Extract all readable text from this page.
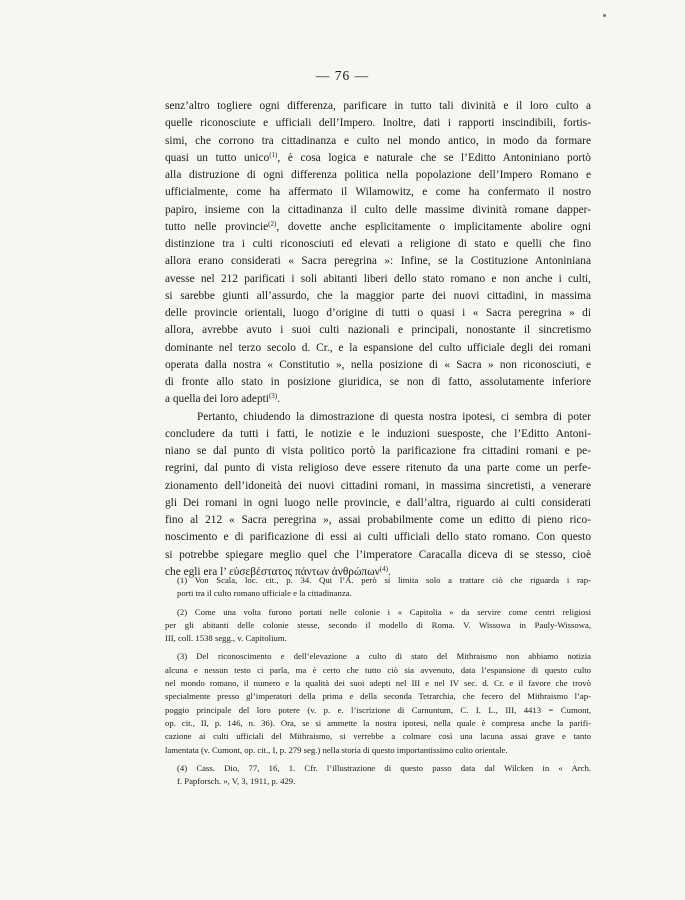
— 76 —
senz’altro togliere ogni differenza, parificare in tutto tali divinità e il loro culto a
quelle riconosciute e ufficiali dell’Impero. Inoltre, dati i rapporti inscindibili, fortis-
simi, che corrono tra cittadinanza e culto nel mondo antico, in modo da formare
quasi un tutto unico$^{(1)}$, è cosa logica e naturale che se l’Editto Antoniniano portò
alla distruzione di ogni differenza politica nella popolazione dell’Impero Romano e
ufficialmente, come ha affermato il Wilamowitz, e come ha confermato il nostro
papiro, insieme con la cittadinanza il culto delle massime divinità romane dapper-
tutto nelle provincie$^{(2)}$, dovette anche esplicitamente o implicitamente abolire ogni
distinzione tra i culti riconosciuti ed elevati a religione di stato e quelli che fino
allora erano considerati « Sacra peregrina »: Infine, se la Costituzione Antoniniana
avesse nel 212 parificati i soli abitanti liberi dello stato romano e non anche i culti,
si sarebbe giunti all’assurdo, che la maggior parte dei nuovi cittadini, in massima
delle provincie orientali, luogo d’origine di tutti o quasi i « Sacra peregrina » di
allora, avrebbe avuto i suoi culti nazionali e principali, nonostante il sincretismo
dominante nel terzo secolo d. Cr., e la espansione del culto ufficiale degli dei romani
operata dalla nostra « Constitutio », nella posizione di « Sacra » non riconosciuti, e
di fronte allo stato in posizione giuridica, se non di fatto, assolutamente inferiore
a quella dei loro adepti$^{(3)}$.
Pertanto, chiudendo la dimostrazione di questa nostra ipotesi, ci sembra di poter
concludere da tutti i fatti, le notizie e le induzioni suesposte, che l’Editto Antoni-
niano se dal punto di vista politico portò la parificazione fra cittadini romani e pe-
regrini, dal punto di vista religioso deve essere ritenuto da una parte come un perfe-
zionamento dell’idoneità dei nuovi cittadini romani, in massima sincretisti, a venerare
gli Dei romani in ogni luogo nelle provincie, e dall’altra, riguardo ai culti considerati
fino al 212 « Sacra peregrina », assai probabilmente come un editto di pieno rico-
noscimento e di parificazione di essi ai culti ufficiali dello stato romano. Con questo
si potrebbe spiegare meglio quel che l’imperatore Caracalla diceva di se stesso, cioè
che egli era l’ εὐσεβέστατος πάντων ἀνθρώπων$^{(4)}$.
(1) Von Scala, loc. cit., p. 34. Qui l’A. però si limita solo a trattare ciò che riguarda i rap-
porti tra il culto romano ufficiale e la cittadinanza.
(2) Come una volta furono portati nelle colonie i « Capitolia » da servire come centri religiosi
per gli abitanti delle colonie stesse, secondo il modello di Roma. V. Wissowa in Pauly-Wissowa,
III, coll. 1538 segg., v. Capitolium.
(3) Del riconoscimento e dell’elevazione a culto di stato del Mithraismo non abbiamo notizia
alcuna e nessun testo ci parla, ma è certo che tutto ciò sia avvenuto, data l’espansione di questo culto
nel mondo romano, il numero e la qualità dei suoi adepti nel III e nel IV sec. d. Cr. e il favore che trovò
specialmente presso gl’imperatori della prima e della seconda Tetrarchia, che fecero del Mithraismo l’ap-
poggio principale del loro potere (v. p. e. l’iscrizione di Carnuntum, C. I. L., III, 4413 = Cumont,
op. cit., II, p. 146, n. 36). Ora, se si ammette la nostra ipotesi, nella quale è compresa anche la parifi-
cazione ai culti ufficiali del Mithraismo, si verrebbe a colmare così una lacuna assai grave e tanto
lamentata (v. Cumont, op. cit., I, p. 279 seg.) nella storia di questo importantissimo culto orientale.
(4) Cass. Dio, 77, 16, 1. Cfr. l’illustrazione di questo passo data dal Wilcken in « Arch.
f. Papforsch. », V, 3, 1911, p. 429.
